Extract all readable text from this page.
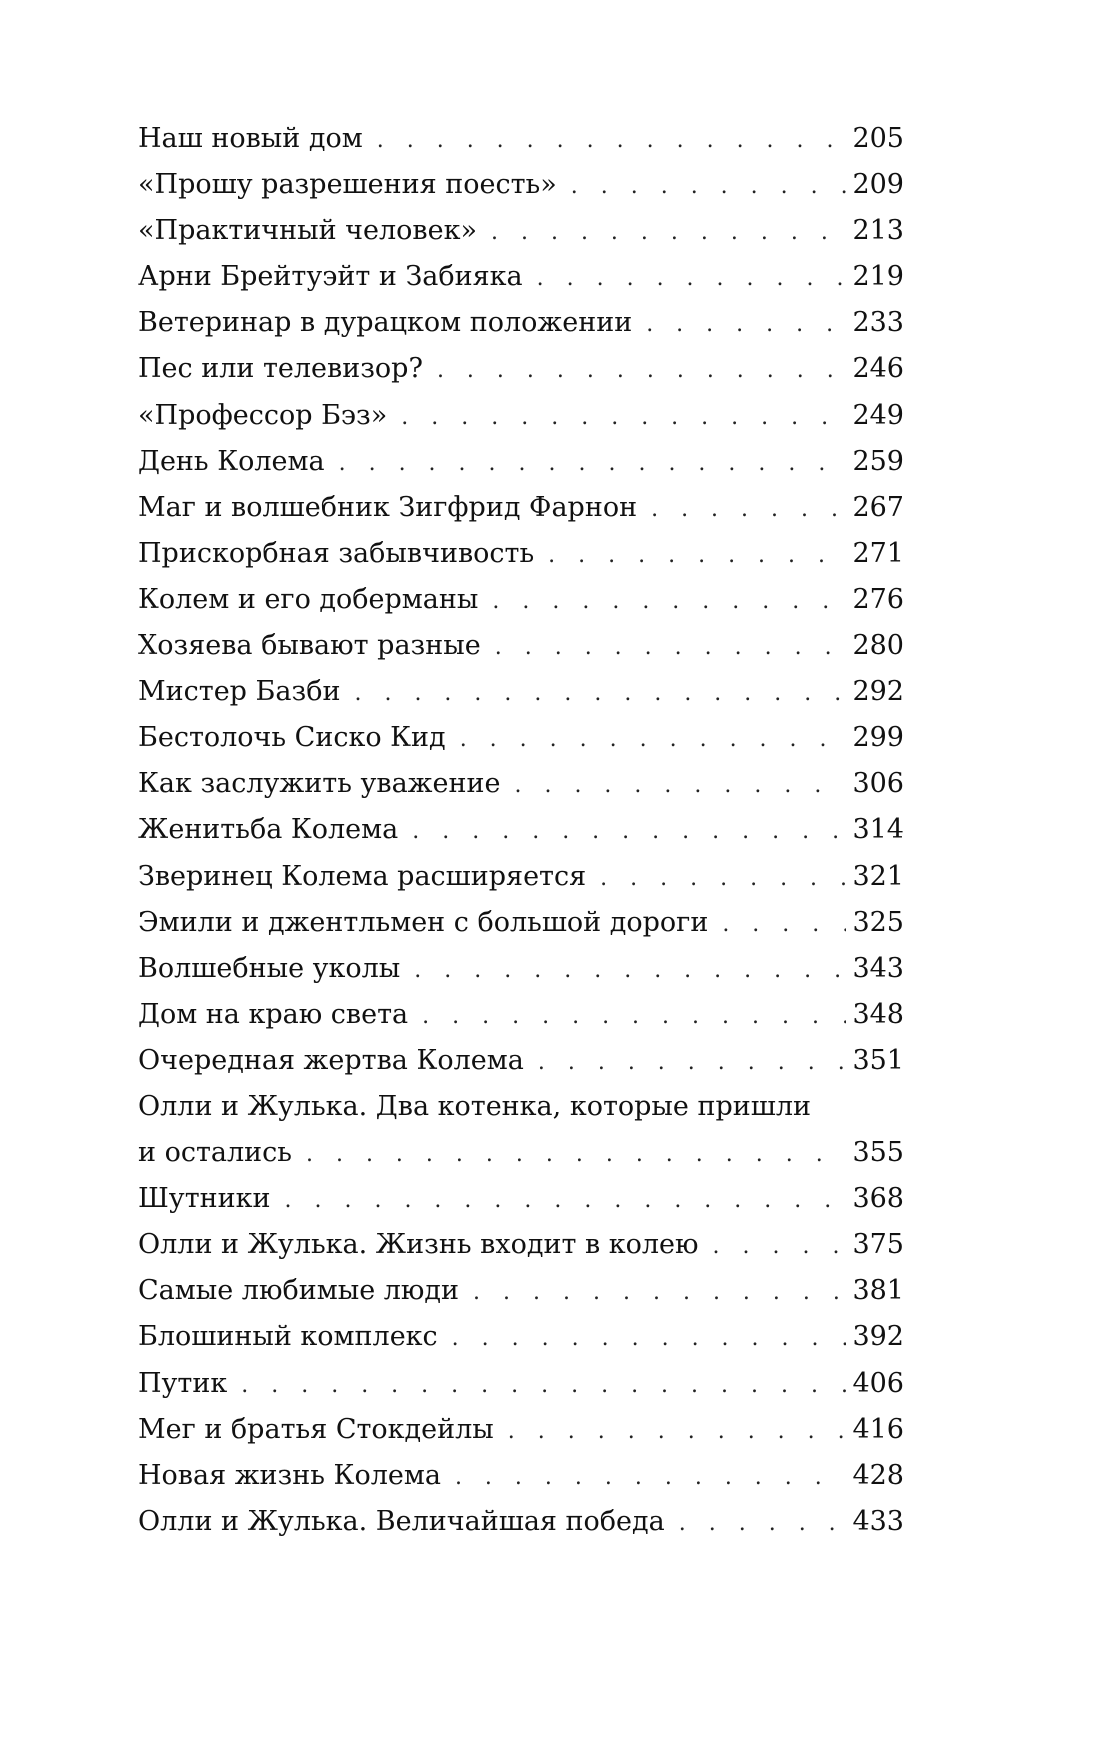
Наш новый дом . . .	205
«Прошу разрешения поесть» . . .	209
«Практичный человек» . . .	213
Арни Брейтуэйт и Забияка . . .	219
Ветеринар в дурацком положении . . .	233
Пес или телевизор? . . .	246
«Профессор Бэз» . . .	249
День Колема . . .	259
Маг и волшебник Зигфрид Фарнон . . .	267
Прискорбная забывчивость . . .	271
Колем и его доберманы . . .	276
Хозяева бывают разные . . .	280
Мистер Базби . . .	292
Бестолочь Сиско Кид . . .	299
Как заслужить уважение . . .	306
Женитьба Колема . . .	314
Зверинец Колема расширяется . . .	321
Эмили и джентльмен с большой дороги . . .	325
Волшебные уколы . . .	343
Дом на краю света . . .	348
Очередная жертва Колема . . .	351
Олли и Жулька. Два котенка, которые пришли
и остались . . .	355
Шутники . . .	368
Олли и Жулька. Жизнь входит в колею . . .	375
Самые любимые люди . . .	381
Блошиный комплекс . . .	392
Путик . . .	406
Мег и братья Стокдейлы . . .	416
Новая жизнь Колема . . .	428
Олли и Жулька. Величайшая победа . . .	433
